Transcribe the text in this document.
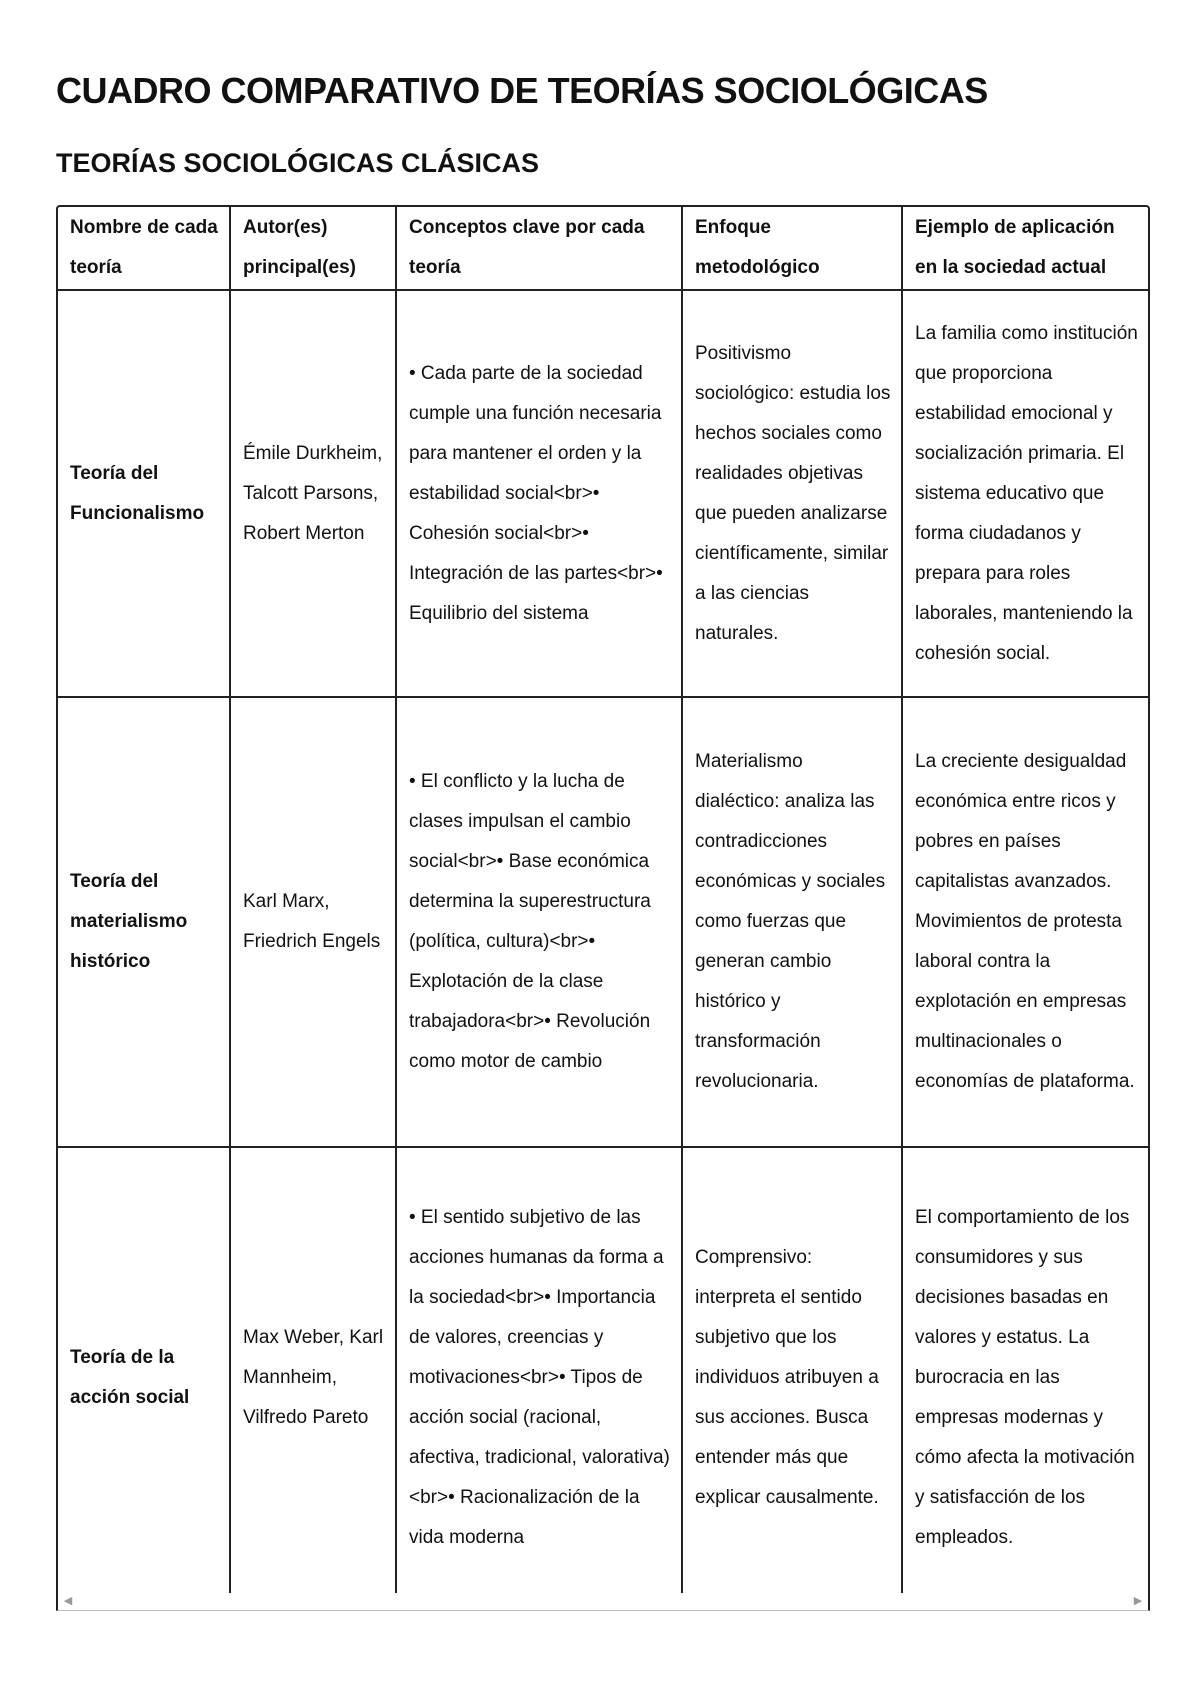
CUADRO COMPARATIVO DE TEORÍAS SOCIOLÓGICAS
TEORÍAS SOCIOLÓGICAS CLÁSICAS
Nombre de cada teoría	Autor(es) principal(es)	Conceptos clave por cada teoría	Enfoque metodológico	Ejemplo de aplicación en la sociedad actual
Teoría del Funcionalismo	Émile Durkheim, Talcott Parsons, Robert Merton	• Cada parte de la sociedad cumple una función necesaria para mantener el orden y la estabilidad social<br>• Cohesión social<br>• Integración de las partes<br>• Equilibrio del sistema	Positivismo sociológico: estudia los hechos sociales como realidades objetivas que pueden analizarse científicamente, similar a las ciencias naturales.	La familia como institución que proporciona estabilidad emocional y socialización primaria. El sistema educativo que forma ciudadanos y prepara para roles laborales, manteniendo la cohesión social.
Teoría del materialismo histórico	Karl Marx, Friedrich Engels	• El conflicto y la lucha de clases impulsan el cambio social<br>• Base económica determina la superestructura (política, cultura)<br>• Explotación de la clase trabajadora<br>• Revolución como motor de cambio	Materialismo dialéctico: analiza las contradicciones económicas y sociales como fuerzas que generan cambio histórico y transformación revolucionaria.	La creciente desigualdad económica entre ricos y pobres en países capitalistas avanzados. Movimientos de protesta laboral contra la explotación en empresas multinacionales o economías de plataforma.
Teoría de la acción social	Max Weber, Karl Mannheim, Vilfredo Pareto	• El sentido subjetivo de las acciones humanas da forma a la sociedad<br>• Importancia de valores, creencias y motivaciones<br>• Tipos de acción social (racional, afectiva, tradicional, valorativa)<br>• Racionalización de la vida moderna	Comprensivo: interpreta el sentido subjetivo que los individuos atribuyen a sus acciones. Busca entender más que explicar causalmente.	El comportamiento de los consumidores y sus decisiones basadas en valores y estatus. La burocracia en las empresas modernas y cómo afecta la motivación y satisfacción de los empleados.
◀	▶
